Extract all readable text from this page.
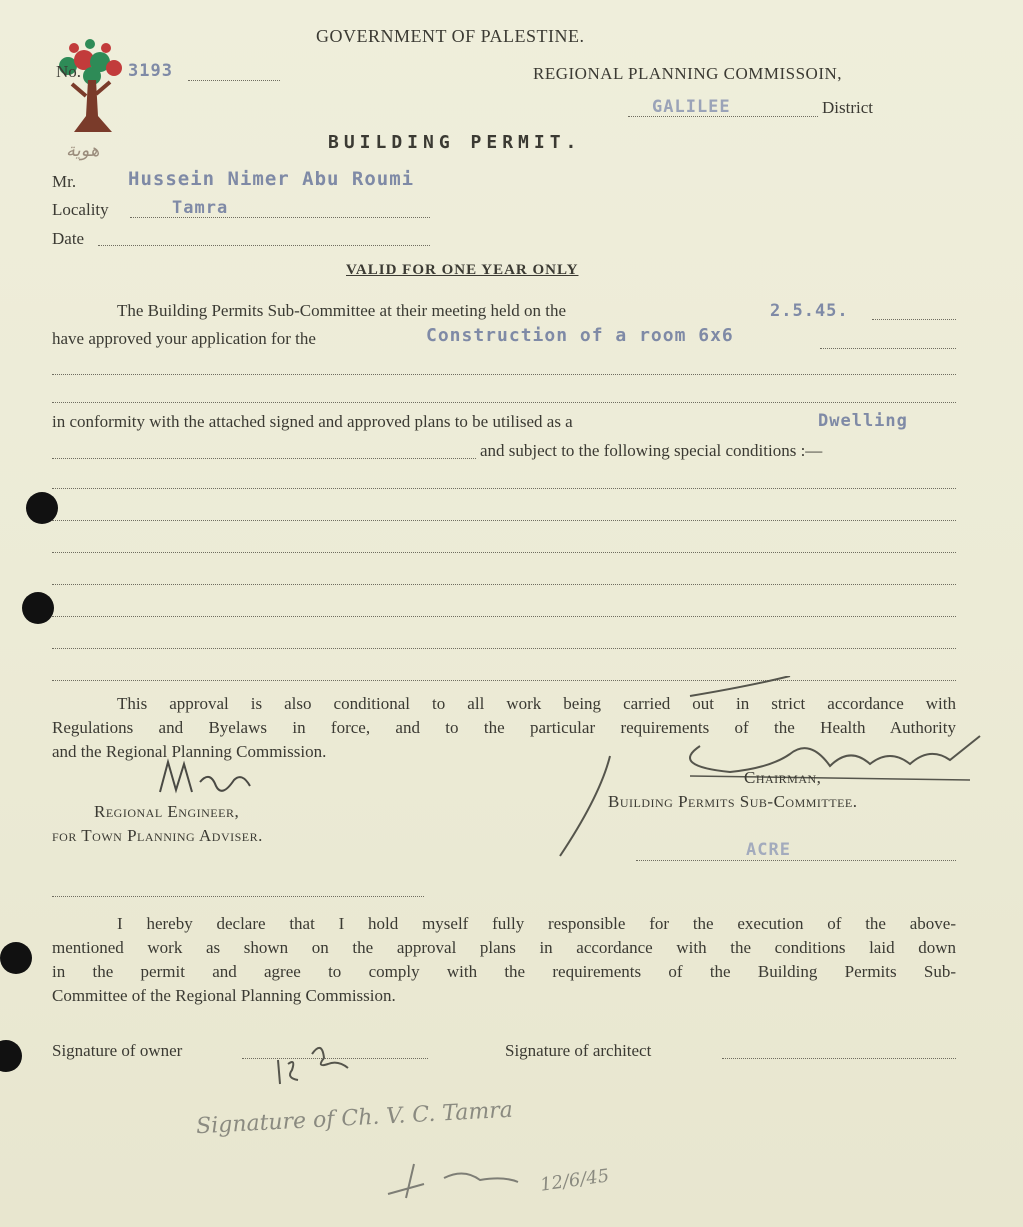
هوية
GOVERNMENT OF PALESTINE.
No.	3193	REGIONAL PLANNING COMMISSOIN,
GALILEE	District
BUILDING PERMIT.
Mr.	Hussein Nimer Abu Roumi
Locality	Tamra
Date
VALID FOR ONE YEAR ONLY
The Building Permits Sub-Committee at their meeting held on the	2.5.45.
have approved your application for the	Construction of a room 6x6
in conformity with the attached signed and approved plans to be utilised as a	Dwelling
and subject to the following special conditions :—
This approval is also conditional to all work being carried out in strict accordance with
Regulations and Byelaws in force, and to the particular requirements of the Health Authority
and the Regional Planning Commission.
Regional Engineer,
for Town Planning Adviser.
Chairman,
Building Permits Sub-Committee.
ACRE
I hereby declare that I hold myself fully responsible for the execution of the above-
mentioned work as shown on the approval plans in accordance with the conditions laid down
in the permit and agree to comply with the requirements of the Building Permits Sub-
Committee of the Regional Planning Commission.
Signature of owner	Signature of architect
Signature of Ch. V. C. Tamra
12/6/45
